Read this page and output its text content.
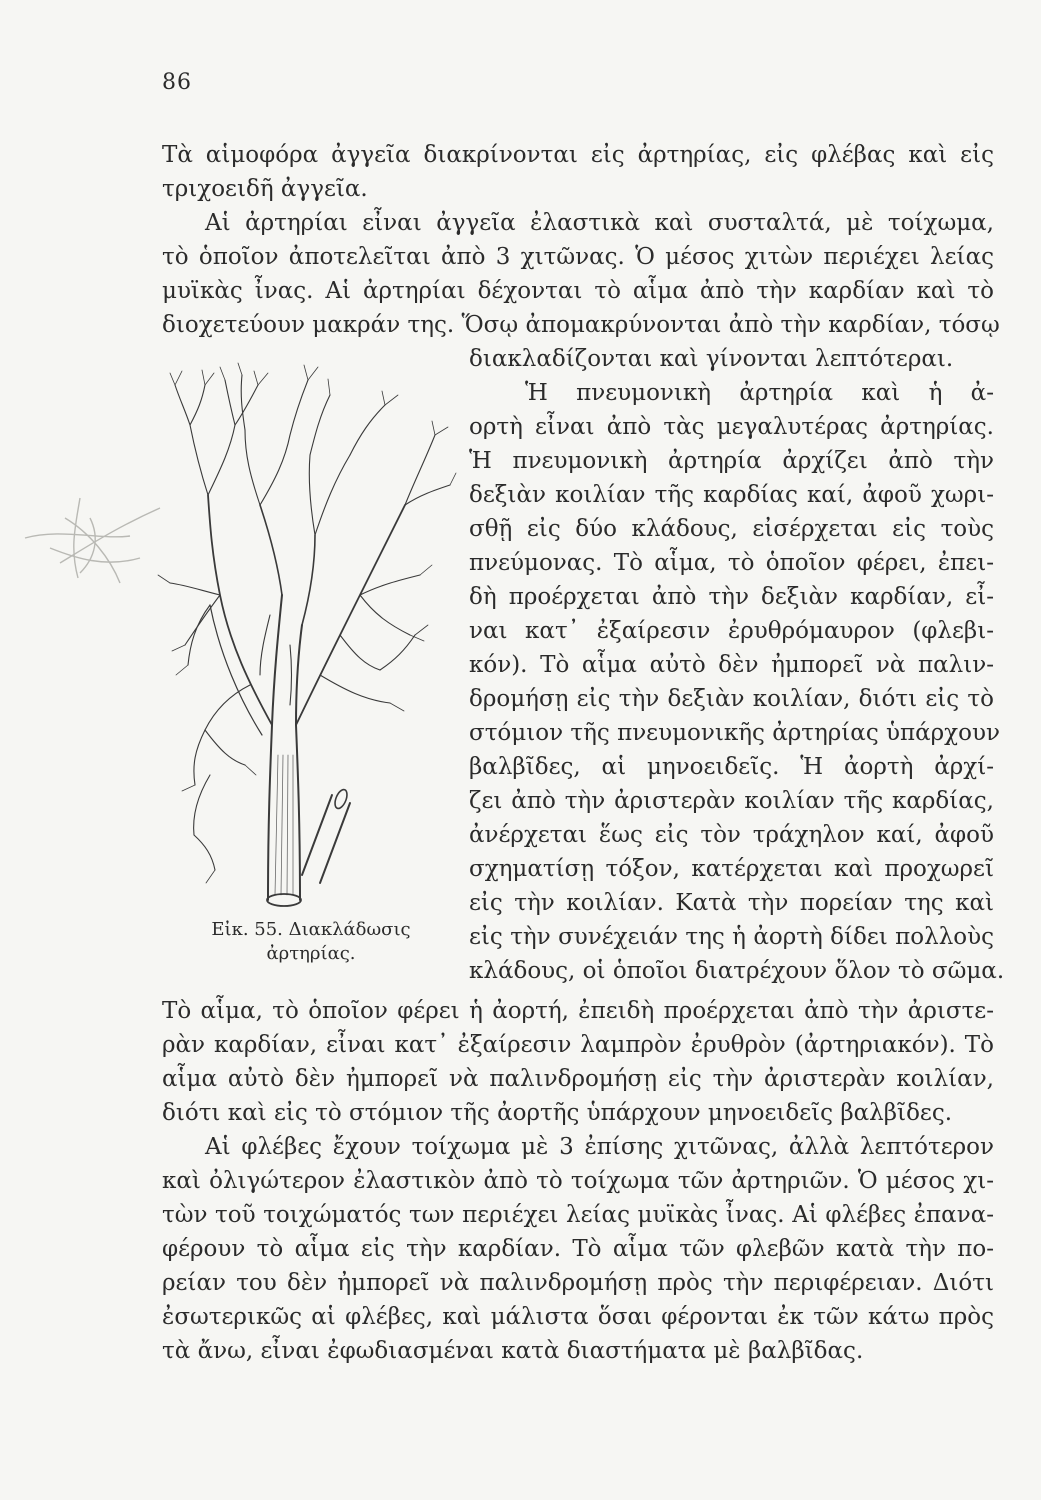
86
Τὰ αἱμοφόρα ἀγγεῖα διακρίνονται εἰς ἀρτηρίας, εἰς φλέβας καὶ εἰς
τριχοειδῆ ἀγγεῖα.
Αἱ ἀρτηρίαι εἶναι ἀγγεῖα ἐλαστικὰ καὶ συσταλτά, μὲ τοίχωμα,
τὸ ὁποῖον ἀποτελεῖται ἀπὸ 3 χιτῶνας. Ὁ μέσος χιτὼν περιέχει λείας
μυϊκὰς ἶνας. Αἱ ἀρτηρίαι δέχονται τὸ αἷμα ἀπὸ τὴν καρδίαν καὶ τὸ
διοχετεύουν μακράν της. Ὅσῳ ἀπομακρύνονται ἀπὸ τὴν καρδίαν, τόσῳ
διακλαδίζονται καὶ γίνονται λεπτότεραι.
Ἡ πνευμονικὴ ἀρτηρία καὶ ἡ ἀ-
ορτὴ εἶναι ἀπὸ τὰς μεγαλυτέρας ἀρτηρίας.
Ἡ πνευμονικὴ ἀρτηρία ἀρχίζει ἀπὸ τὴν
δεξιὰν κοιλίαν τῆς καρδίας καί, ἀφοῦ χωρι-
σθῇ εἰς δύο κλάδους, εἰσέρχεται εἰς τοὺς
πνεύμονας. Τὸ αἷμα, τὸ ὁποῖον φέρει, ἐπει-
δὴ προέρχεται ἀπὸ τὴν δεξιὰν καρδίαν, εἶ-
ναι κατ᾽ ἐξαίρεσιν ἐρυθρόμαυρον (φλεβι-
κόν). Τὸ αἷμα αὐτὸ δὲν ἠμπορεῖ νὰ παλιν-
δρομήσῃ εἰς τὴν δεξιὰν κοιλίαν, διότι εἰς τὸ
στόμιον τῆς πνευμονικῆς ἀρτηρίας ὑπάρχουν
βαλβῖδες, αἱ μηνοειδεῖς. Ἡ ἀορτὴ ἀρχί-
ζει ἀπὸ τὴν ἀριστερὰν κοιλίαν τῆς καρδίας,
ἀνέρχεται ἕως εἰς τὸν τράχηλον καί, ἀφοῦ
σχηματίσῃ τόξον, κατέρχεται καὶ προχωρεῖ
εἰς τὴν κοιλίαν. Κατὰ τὴν πορείαν της καὶ
εἰς τὴν συνέχειάν της ἡ ἀορτὴ δίδει πολλοὺς
κλάδους, οἱ ὁποῖοι διατρέχουν ὅλον τὸ σῶμα.
Τὸ αἷμα, τὸ ὁποῖον φέρει ἡ ἀορτή, ἐπειδὴ προέρχεται ἀπὸ τὴν ἀριστε-
ρὰν καρδίαν, εἶναι κατ᾽ ἐξαίρεσιν λαμπρὸν ἐρυθρὸν (ἀρτηριακόν). Τὸ
αἷμα αὐτὸ δὲν ἠμπορεῖ νὰ παλινδρομήσῃ εἰς τὴν ἀριστερὰν κοιλίαν,
διότι καὶ εἰς τὸ στόμιον τῆς ἀορτῆς ὑπάρχουν μηνοειδεῖς βαλβῖδες.
Αἱ φλέβες ἔχουν τοίχωμα μὲ 3 ἐπίσης χιτῶνας, ἀλλὰ λεπτότερον
καὶ ὀλιγώτερον ἐλαστικὸν ἀπὸ τὸ τοίχωμα τῶν ἀρτηριῶν. Ὁ μέσος χι-
τὼν τοῦ τοιχώματός των περιέχει λείας μυϊκὰς ἶνας. Αἱ φλέβες ἐπανα-
φέρουν τὸ αἷμα εἰς τὴν καρδίαν. Τὸ αἷμα τῶν φλεβῶν κατὰ τὴν πο-
ρείαν του δὲν ἠμπορεῖ νὰ παλινδρομήσῃ πρὸς τὴν περιφέρειαν. Διότι
ἐσωτερικῶς αἱ φλέβες, καὶ μάλιστα ὅσαι φέρονται ἐκ τῶν κάτω πρὸς
τὰ ἄνω, εἶναι ἐφωδιασμέναι κατὰ διαστήματα μὲ βαλβῖδας.
Εἰκ. 55. Διακλάδωσις
ἀρτηρίας.
